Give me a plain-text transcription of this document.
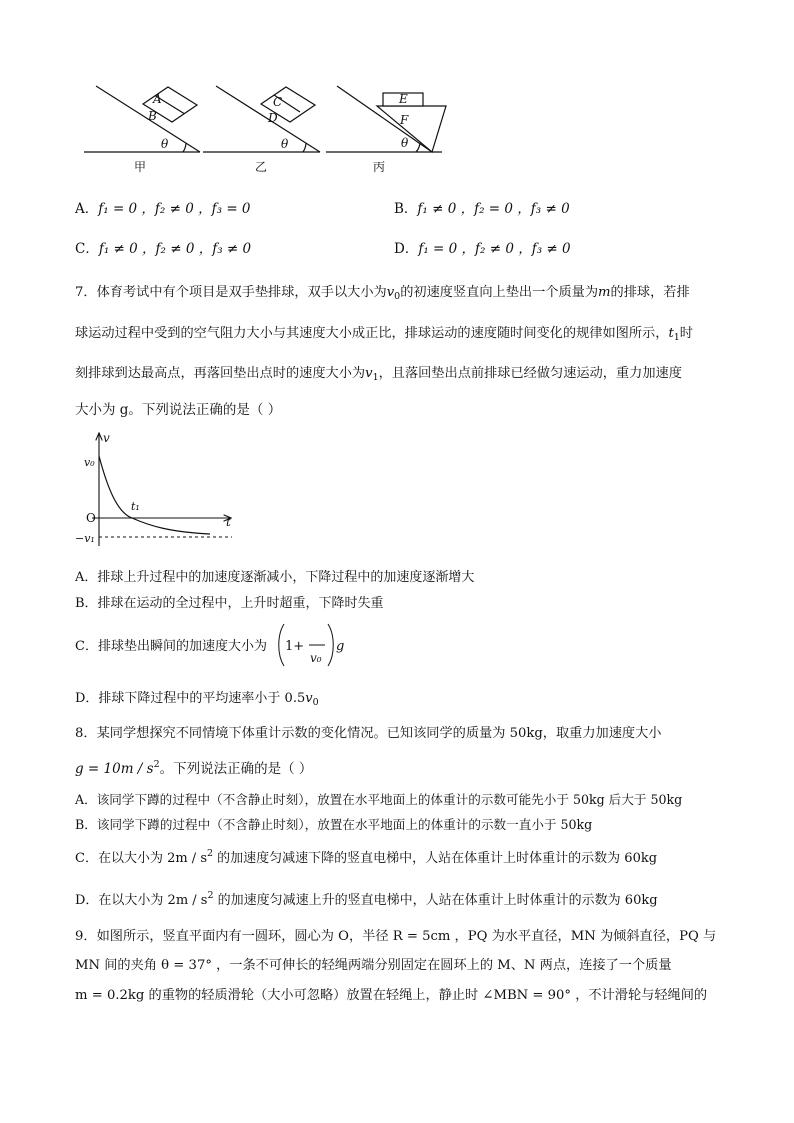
A
B
θ
C
D
θ
E
F
θ
甲	乙	丙
A．f₁ = 0 ，f₂ ≠ 0 ，f₃ = 0	B．f₁ ≠ 0 ，f₂ = 0 ，f₃ ≠ 0
C．f₁ ≠ 0 ，f₂ ≠ 0 ，f₃ ≠ 0	D．f₁ = 0 ，f₂ ≠ 0 ，f₃ ≠ 0
7．体育考试中有个项目是双手垫排球，双手以大小为$v_0$的初速度竖直向上垫出一个质量为m的排球，若排
球运动过程中受到的空气阻力大小与其速度大小成正比，排球运动的速度随时间变化的规律如图所示，$t_1$时
刻排球到达最高点，再落回垫出点时的速度大小为$v_1$，且落回垫出点前排球已经做匀速运动，重力加速度
大小为 g。下列说法正确的是（ ）
v
t
O
v₀
t₁
−v₁
A．排球上升过程中的加速度逐渐减小，下降过程中的加速度逐渐增大
B．排球在运动的全过程中，上升时超重，下降时失重
C．排球垫出瞬间的加速度大小为	1+
v₀
g
D．排球下降过程中的平均速率小于 $0.5v_0$
8．某同学想探究不同情境下体重计示数的变化情况。已知该同学的质量为 50kg，取重力加速度大小
$g = 10m / s^2$。下列说法正确的是（ ）
A．该同学下蹲的过程中（不含静止时刻），放置在水平地面上的体重计的示数可能先小于 50kg 后大于 50kg
B．该同学下蹲的过程中（不含静止时刻），放置在水平地面上的体重计的示数一直小于 50kg
C．在以大小为 $2m / s^2$ 的加速度匀减速下降的竖直电梯中，人站在体重计上时体重计的示数为 60kg
D．在以大小为 $2m / s^2$ 的加速度匀减速上升的竖直电梯中，人站在体重计上时体重计的示数为 60kg
9．如图所示，竖直平面内有一圆环，圆心为 O，半径 R = 5cm ，PQ 为水平直径，MN 为倾斜直径，PQ 与
MN 间的夹角 θ = 37° ，一条不可伸长的轻绳两端分别固定在圆环上的 M、N 两点，连接了一个质量
m = 0.2kg 的重物的轻质滑轮（大小可忽略）放置在轻绳上，静止时 ∠MBN = 90° ，不计滑轮与轻绳间的
